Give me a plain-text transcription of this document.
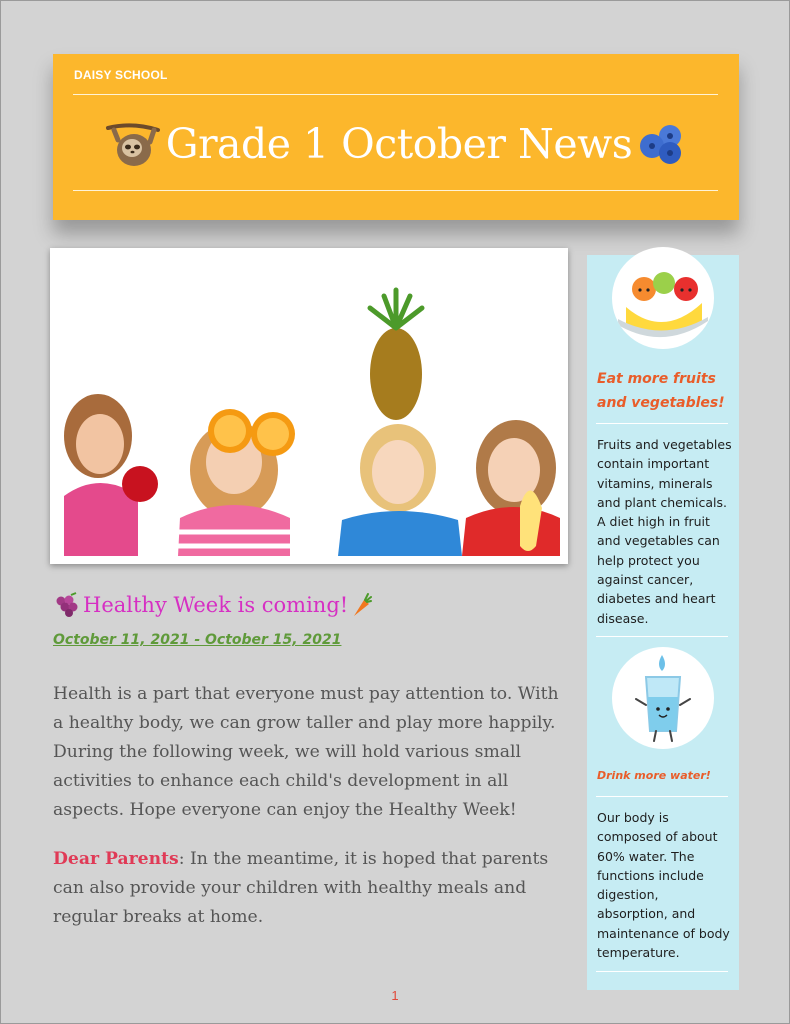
DAISY SCHOOL
Grade 1 October News
Eat more fruits and vegetables!
Fruits and vegetables contain important vitamins, minerals and plant chemicals. A diet high in fruit and vegetables can help protect you against cancer, diabetes and heart disease.
Drink more water!
Our body is composed of about 60% water. The functions include digestion, absorption, and maintenance of body temperature.
Healthy Week is coming!
October 11, 2021 - October 15, 2021
Health is a part that everyone must pay attention to. With a healthy body, we can grow taller and play more happily. During the following week, we will hold various small activities to enhance each child's development in all aspects. Hope everyone can enjoy the Healthy Week!
Dear Parents: In the meantime, it is hoped that parents can also provide your children with healthy meals and regular breaks at home.
1
